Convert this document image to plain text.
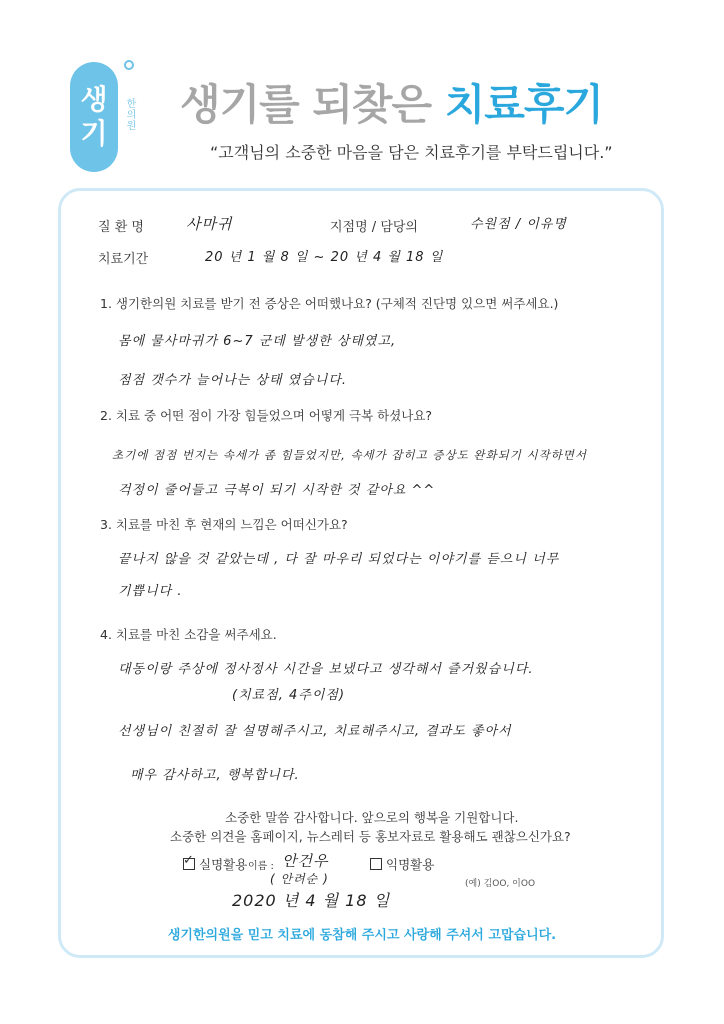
생
기
한의원 생기를 되찾은 치료후기
“고객님의 소중한 마음을 담은 치료후기를 부탁드립니다.”
질 환 명	사마귀	지점명 / 담당의	수원점 / 이유명
치료기간	20 년 1 월 8 일 ~ 20 년 4 월 18 일
1. 생기한의원 치료를 받기 전 증상은 어떠했나요? (구체적 진단명 있으면 써주세요.)
몸에 물사마귀가 6~7 군데 발생한 상태였고,
점점 갯수가 늘어나는 상태 였습니다.
2. 치료 중 어떤 점이 가장 힘들었으며 어떻게 극복 하셨나요?
초기에 점점 번지는 속세가 좀 힘들었지만, 속세가 잡히고 증상도 완화되기 시작하면서
걱정이 줄어들고 극복이 되기 시작한 것 같아요 ^^
3. 치료를 마친 후 현재의 느낌은 어떠신가요?
끝나지 않을 것 같았는데 , 다 잘 마우리 되었다는 이야기를 듣으니 너무
기쁩니다 .
4. 치료를 마친 소감을 써주세요.
대동이랑 주상에 정사정사 시간을 보냈다고 생각해서 즐거웠습니다.
(치료점, 4주이점)
선생님이 친절히 잘 설명해주시고, 치료해주시고, 결과도 좋아서
매우 감사하고, 행복합니다.
소중한 말씀 감사합니다. 앞으로의 행복을 기원합니다.
소중한 의견을 홈페이지, 뉴스레터 등 홍보자료로 활용해도 괜찮으신가요?
✓실명활용 이름 : 안건우
( 안려순 )
익명활용
(예) 김OO, 이OO
2020 년 4 월 18 일
생기한의원을 믿고 치료에 동참해 주시고 사랑해 주셔서 고맙습니다.
